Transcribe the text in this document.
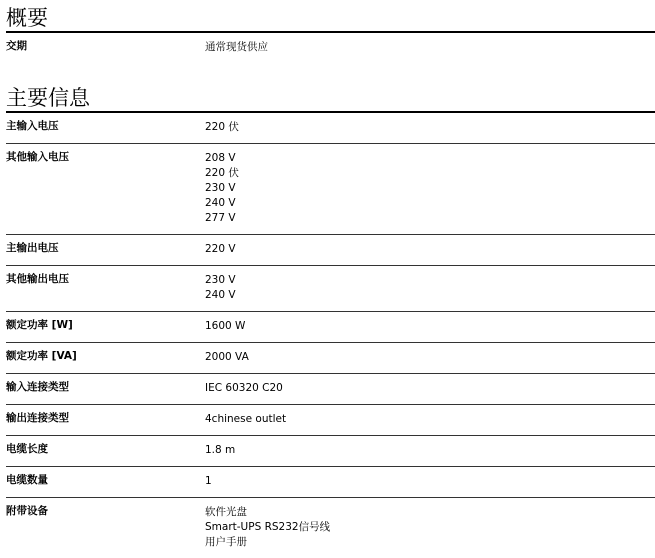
概要
交期	通常现货供应
主要信息
主输入电压	220 伏

其他输入电压	208 V
220 伏
230 V
240 V
277 V

主输出电压	220 V

其他输出电压	230 V
240 V

额定功率 [W]	1600 W

额定功率 [VA]	2000 VA

输入连接类型	IEC 60320 C20

输出连接类型	4chinese outlet

电缆长度	1.8 m

电缆数量	1

附带设备	软件光盘
Smart-UPS RS232信号线
用户手册
